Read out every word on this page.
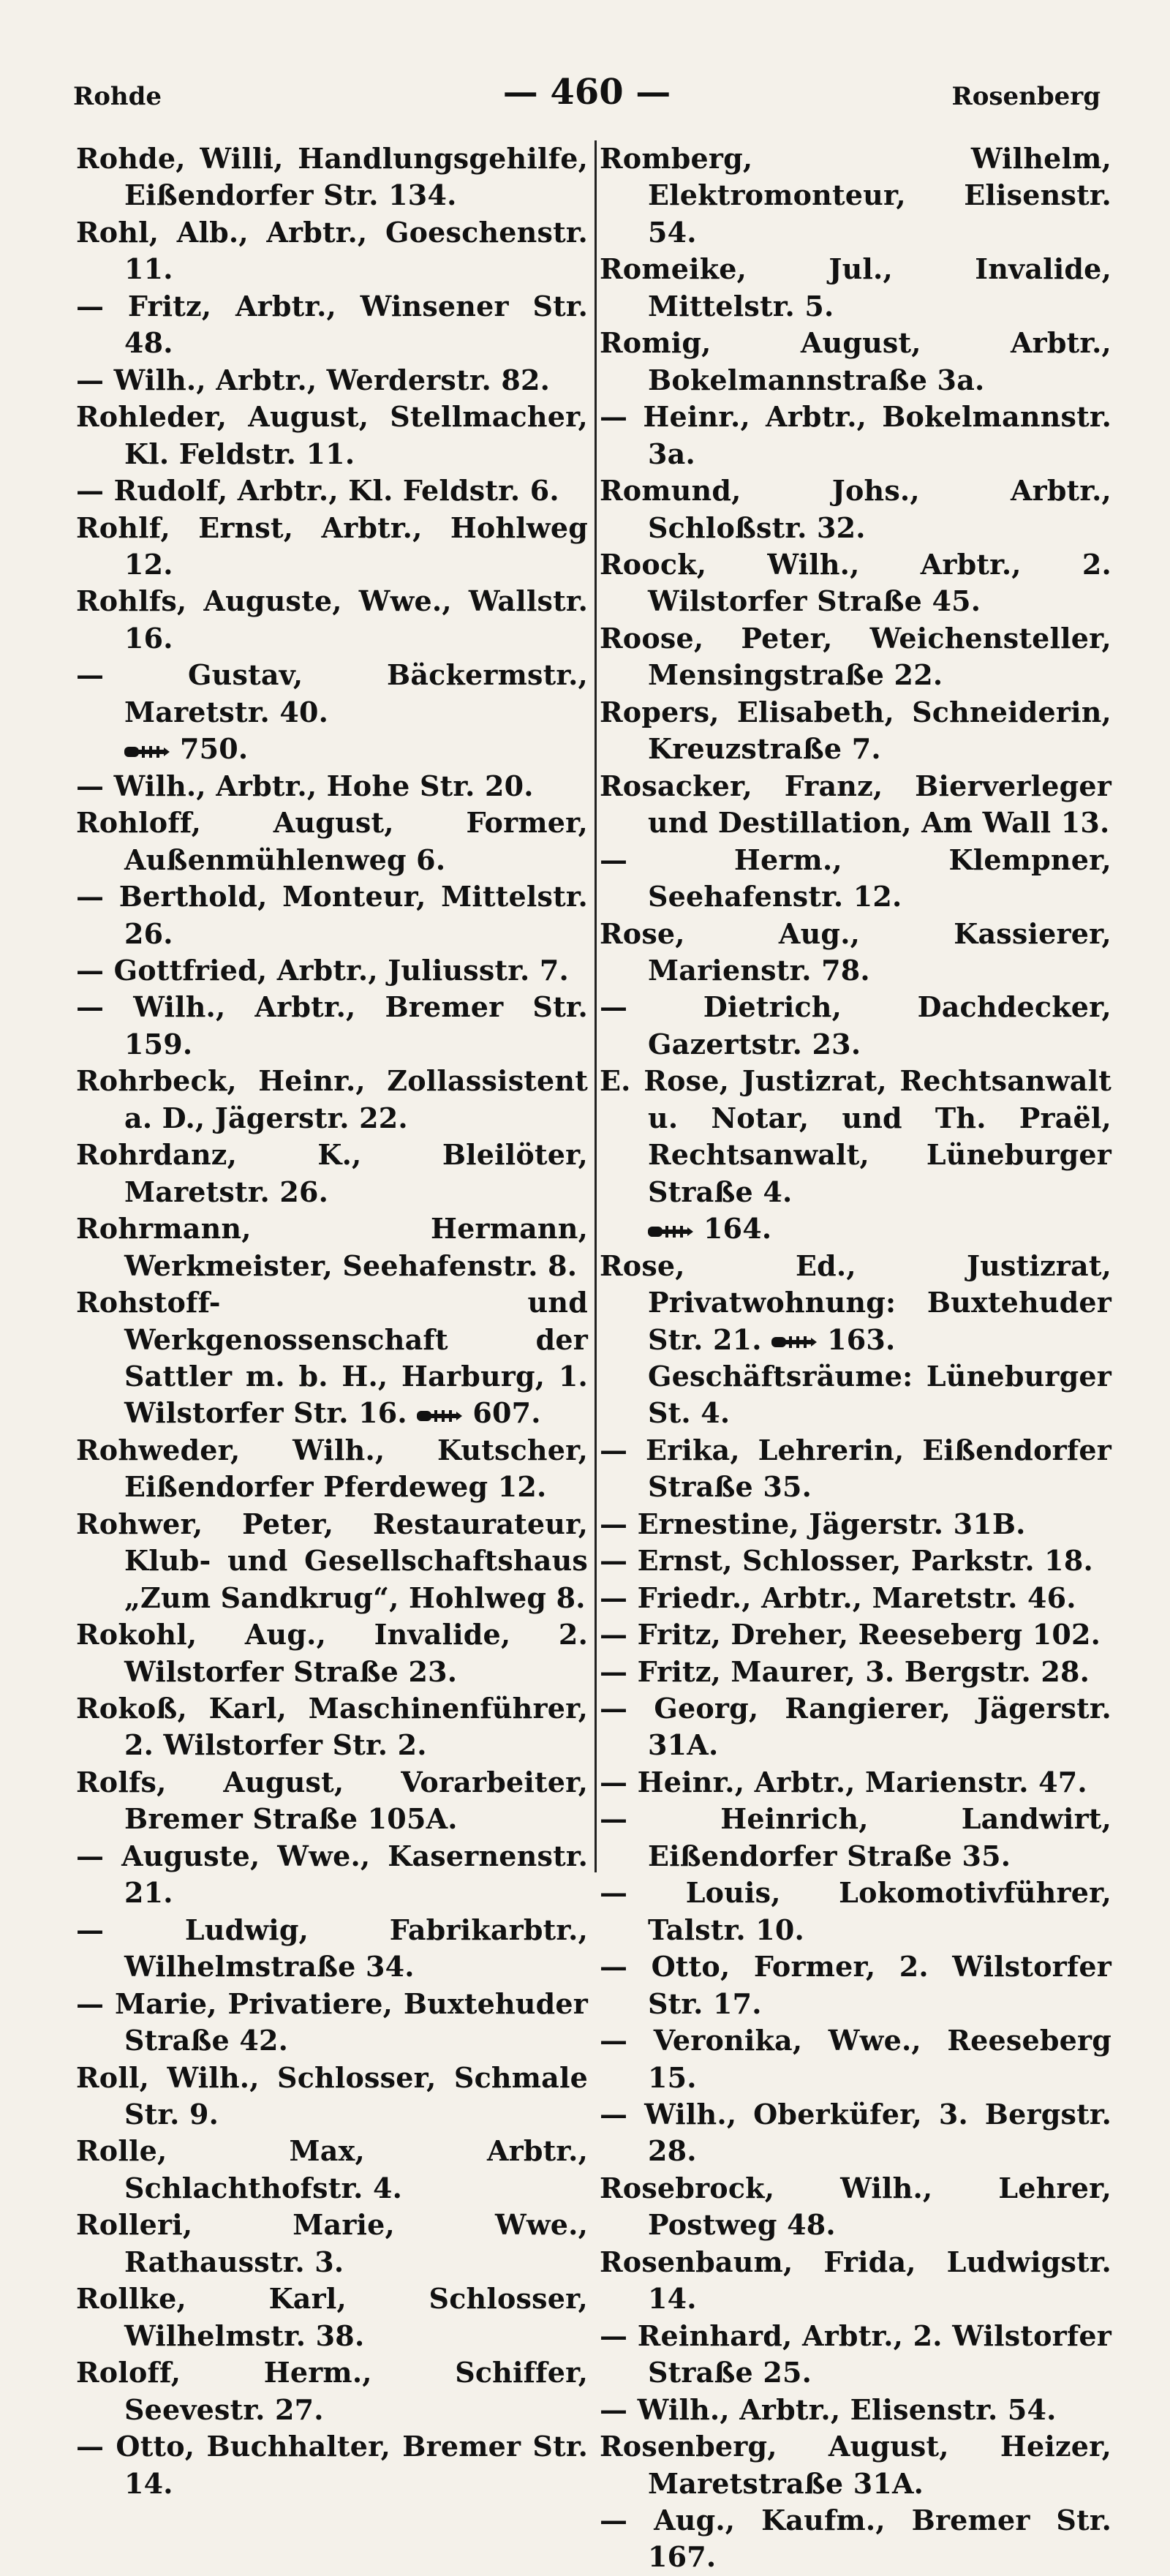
Rohde	— 460 —	Rosenberg

Rohde, Willi, Handlungsgehilfe, Eißendorfer Str. 134.

Rohl, Alb., Arbtr., Goeschenstr. 11.

— Fritz, Arbtr., Winsener Str. 48.

— Wilh., Arbtr., Werderstr. 82.

Rohleder, August, Stellmacher, Kl. Feldstr. 11.

— Rudolf, Arbtr., Kl. Feldstr. 6.

Rohlf, Ernst, Arbtr., Hohlweg 12.

Rohlfs, Auguste, Wwe., Wallstr. 16.

— Gustav, Bäckermstr., Maretstr. 40.

750.

— Wilh., Arbtr., Hohe Str. 20.

Rohloff, August, Former, Außenmühlenweg 6.

— Berthold, Monteur, Mittelstr. 26.

— Gottfried, Arbtr., Juliusstr. 7.

— Wilh., Arbtr., Bremer Str. 159.

Rohrbeck, Heinr., Zollassistent a. D., Jägerstr. 22.

Rohrdanz, K., Bleilöter, Maretstr. 26.

Rohrmann, Hermann, Werkmeister, Seehafenstr. 8.

Rohstoff- und Werkgenossenschaft der Sattler m. b. H., Harburg, 1. Wilstorfer Str. 16. 607.

Rohweder, Wilh., Kutscher, Eißendorfer Pferdeweg 12.

Rohwer, Peter, Restaurateur, Klub- und Gesellschaftshaus „Zum Sandkrug“, Hohlweg 8.

Rokohl, Aug., Invalide, 2. Wilstorfer Straße 23.

Rokoß, Karl, Maschinenführer, 2. Wilstorfer Str. 2.

Rolfs, August, Vorarbeiter, Bremer Straße 105A.

— Auguste, Wwe., Kasernenstr. 21.

— Ludwig, Fabrikarbtr., Wilhelmstraße 34.

— Marie, Privatiere, Buxtehuder Straße 42.

Roll, Wilh., Schlosser, Schmale Str. 9.

Rolle, Max, Arbtr., Schlachthofstr. 4.

Rolleri, Marie, Wwe., Rathausstr. 3.

Rollke, Karl, Schlosser, Wilhelmstr. 38.

Roloff, Herm., Schiffer, Seevestr. 27.

— Otto, Buchhalter, Bremer Str. 14.

Romberg, Wilhelm, Elektromonteur, Elisenstr. 54.

Romeike, Jul., Invalide, Mittelstr. 5.

Romig, August, Arbtr., Bokelmannstraße 3a.

— Heinr., Arbtr., Bokelmannstr. 3a.

Romund, Johs., Arbtr., Schloßstr. 32.

Roock, Wilh., Arbtr., 2. Wilstorfer Straße 45.

Roose, Peter, Weichensteller, Mensingstraße 22.

Ropers, Elisabeth, Schneiderin, Kreuzstraße 7.

Rosacker, Franz, Bierverleger und Destillation, Am Wall 13.

— Herm., Klempner, Seehafenstr. 12.

Rose, Aug., Kassierer, Marienstr. 78.

— Dietrich, Dachdecker, Gazertstr. 23.

E. Rose, Justizrat, Rechtsanwalt u. Notar, und Th. Praël, Rechtsanwalt, Lüneburger Straße 4.

164.

Rose, Ed., Justizrat, Privatwohnung: Buxtehuder Str. 21. 163.

Geschäftsräume: Lüneburger St. 4.

— Erika, Lehrerin, Eißendorfer Straße 35.

— Ernestine, Jägerstr. 31B.

— Ernst, Schlosser, Parkstr. 18.

— Friedr., Arbtr., Maretstr. 46.

— Fritz, Dreher, Reeseberg 102.

— Fritz, Maurer, 3. Bergstr. 28.

— Georg, Rangierer, Jägerstr. 31A.

— Heinr., Arbtr., Marienstr. 47.

— Heinrich, Landwirt, Eißendorfer Straße 35.

— Louis, Lokomotivführer, Talstr. 10.

— Otto, Former, 2. Wilstorfer Str. 17.

— Veronika, Wwe., Reeseberg 15.

— Wilh., Oberküfer, 3. Bergstr. 28.

Rosebrock, Wilh., Lehrer, Postweg 48.

Rosenbaum, Frida, Ludwigstr. 14.

— Reinhard, Arbtr., 2. Wilstorfer Straße 25.

— Wilh., Arbtr., Elisenstr. 54.

Rosenberg, August, Heizer, Maretstraße 31A.

— Aug., Kaufm., Bremer Str. 167.
